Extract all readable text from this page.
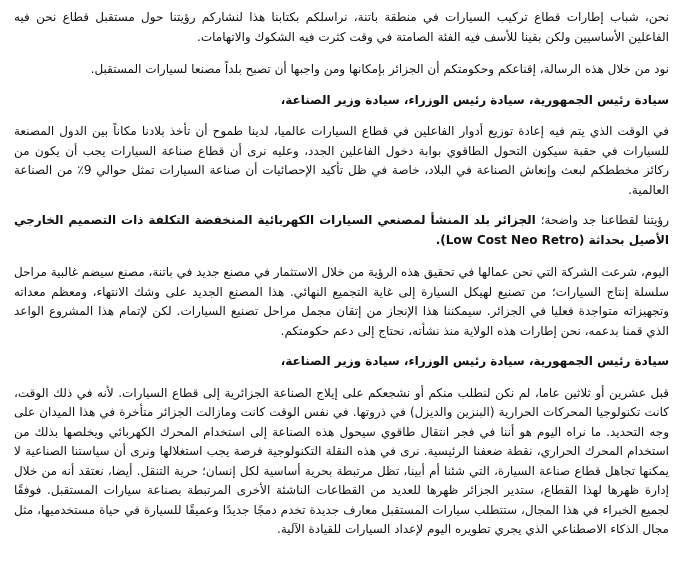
نحن، شباب إطارات قطاع تركيب السيارات في منطقة باتنة، نراسلكم بكتابنا هذا لنشاركم رؤيتنا حول مستقبل قطاع نحن فيه الفاعلين الأساسيين ولكن بقينا للأسف فيه الفئة الصامتة في وقت كثرت فيه الشكوك والاتهامات.

نود من خلال هذه الرسالة، إقناعكم وحكومتكم أن الجزائر بإمكانها ومن واجبها أن تصبح بلداً مصنعا لسيارات المستقبل.

سيادة رئيس الجمهورية، سيادة رئيس الوزراء، سيادة وزير الصناعة،

في الوقت الذي يتم فيه إعادة توزيع أدوار الفاعلين في قطاع السيارات عالميا، لدينا طموح أن تأخذ بلادنا مكاناً بين الدول المصنعة للسيارات في حقبة سيكون التحول الطاقوي بوابة دخول الفاعلين الجدد، وعليه نرى أن قطاع صناعة السيارات يجب أن يكون من ركائز مخططكم لبعث وإنعاش الصناعة في البلاد، خاصة في ظل تأكيد الإحصائيات أن صناعة السيارات تمثل حوالي 9٪ من الصناعة العالمية.

رؤيتنا لقطاعنا جد واضحة؛ الجزائر بلد المنشأ لمصنعي السيارات الكهربائية المنخفضة التكلفة ذات التصميم الخارجي الأصيل بحداثة (Low Cost Neo Retro).

اليوم، شرعت الشركة التي نحن عمالها في تحقيق هذه الرؤية من خلال الاستثمار في مصنع جديد في باتنة، مصنع سيضم غالبية مراحل سلسلة إنتاج السيارات؛ من تصنيع لهيكل السيارة إلى غاية التجميع النهائي. هذا المصنع الجديد على وشك الانتهاء، ومعظم معداته وتجهيزاته متواجدة فعليا في الجزائر. سيمكننا هذا الإنجاز من إتقان مجمل مراحل تصنيع السيارات. لكن لإتمام هذا المشروع الواعد الذي قمنا بدعمه، نحن إطارات هذه الولاية منذ نشأته، نحتاج إلى دعم حكومتكم.

سيادة رئيس الجمهورية، سيادة رئيس الوزراء، سيادة وزير الصناعة،

قبل عشرين أو ثلاثين عاما، لم نكن لنطلب منكم أو نشجعكم على إيلاج الصناعة الجزائرية إلى قطاع السيارات. لأنه في ذلك الوقت، كانت تكنولوجيا المحركات الحرارية (البنزين والديزل) في ذروتها. في نفس الوقت كانت ومازالت الجزائر متأخرة في هذا الميدان على وجه التحديد. ما نراه اليوم هو أننا في فجر انتقال طاقوي سيحول هذه الصناعة إلى استخدام المحرك الكهربائي ويخلصها بذلك من استخدام المحرك الحراري، نقطة ضعفنا الرئيسية. نرى في هذه النقلة التكنولوجية فرصة يجب استغلالها ونرى أن سياستنا الصناعية لا يمكنها تجاهل قطاع صناعة السيارة، التي شئنا أم أبينا، تظل مرتبطة بحرية أساسية لكل إنسان؛ حرية التنقل. أيضا، نعتقد أنه من خلال إدارة ظهرها لهذا القطاع، ستدير الجزائر ظهرها للعديد من القطاعات الناشئة الأخرى المرتبطة بصناعة سيارات المستقبل. فوفقًا لجميع الخبراء في هذا المجال، ستتطلب سيارات المستقبل معارف جديدة تخدم دمجًا جديدًا وعميقًا للسيارة في حياة مستخدميها، مثل مجال الذكاء الاصطناعي الذي يجري تطويره اليوم لإعداد السيارات للقيادة الآلية.
